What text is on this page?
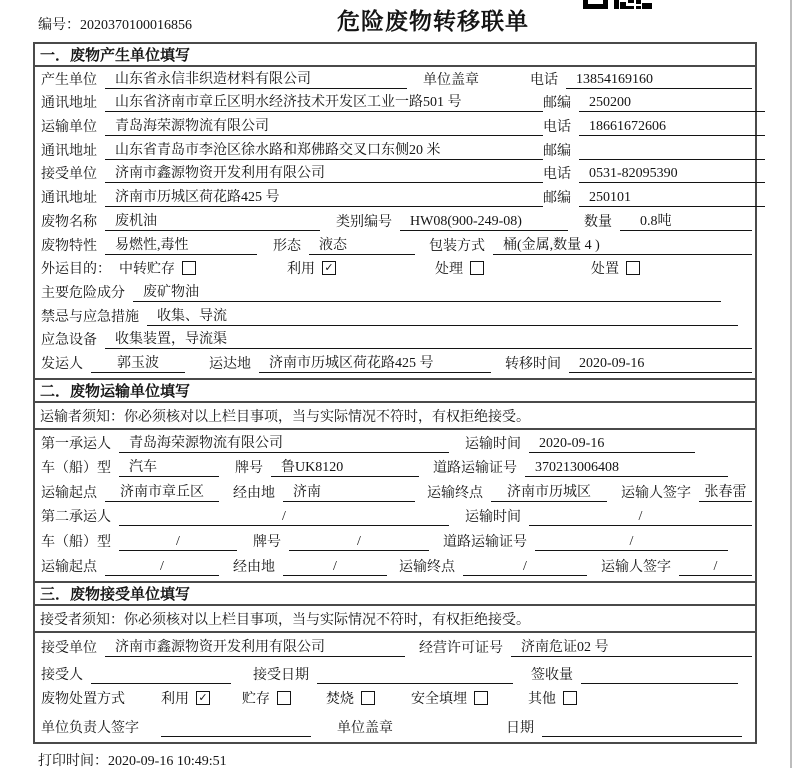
编号：2020370100016856	危险废物转移联单
一．废物产生单位填写
产生单位	山东省永信非织造材料有限公司	单位盖章	电话	13854169160
通讯地址	山东省济南市章丘区明水经济技术开发区工业一路501 号	邮编	250200
运输单位	青岛海荣源物流有限公司	电话	18661672606
通讯地址	山东省青岛市李沧区徐水路和郑佛路交叉口东侧20 米	邮编
接受单位	济南市鑫源物资开发利用有限公司	电话	0531-82095390
通讯地址	济南市历城区荷花路425 号	邮编	250101
废物名称	废机油	类别编号	HW08(900-249-08)	数量	0.8吨
废物特性	易燃性,毒性	形态	液态	包装方式	桶(金属,数量 4 )
外运目的： 中转贮存	利用 ✓	处理	处置
主要危险成分	废矿物油
禁忌与应急措施	收集、导流
应急设备	收集装置，导流渠
发运人	郭玉波	运达地	济南市历城区荷花路425 号	转移时间	2020-09-16
二．废物运输单位填写
运输者须知：你必须核对以上栏目事项，当与实际情况不符时，有权拒绝接受。
第一承运人	青岛海荣源物流有限公司	运输时间	2020-09-16
车（船）型	汽车	牌号	鲁UK8120	道路运输证号	370213006408
运输起点	济南市章丘区	经由地	济南	运输终点	济南市历城区	运输人签字 张春雷
第二承运人	/	运输时间	/
车（船）型	/	牌号	/	道路运输证号	/
运输起点	/	经由地	/	运输终点	/	运输人签字	/
三．废物接受单位填写
接受者须知：你必须核对以上栏目事项，当与实际情况不符时，有权拒绝接受。
接受单位	济南市鑫源物资开发利用有限公司	经营许可证号	济南危证02 号
接受人	接受日期	签收量
废物处置方式	利用 ✓ 贮存	焚烧	安全填埋	其他
单位负责人签字	单位盖章	日期
打印时间：2020-09-16 10:49:51
